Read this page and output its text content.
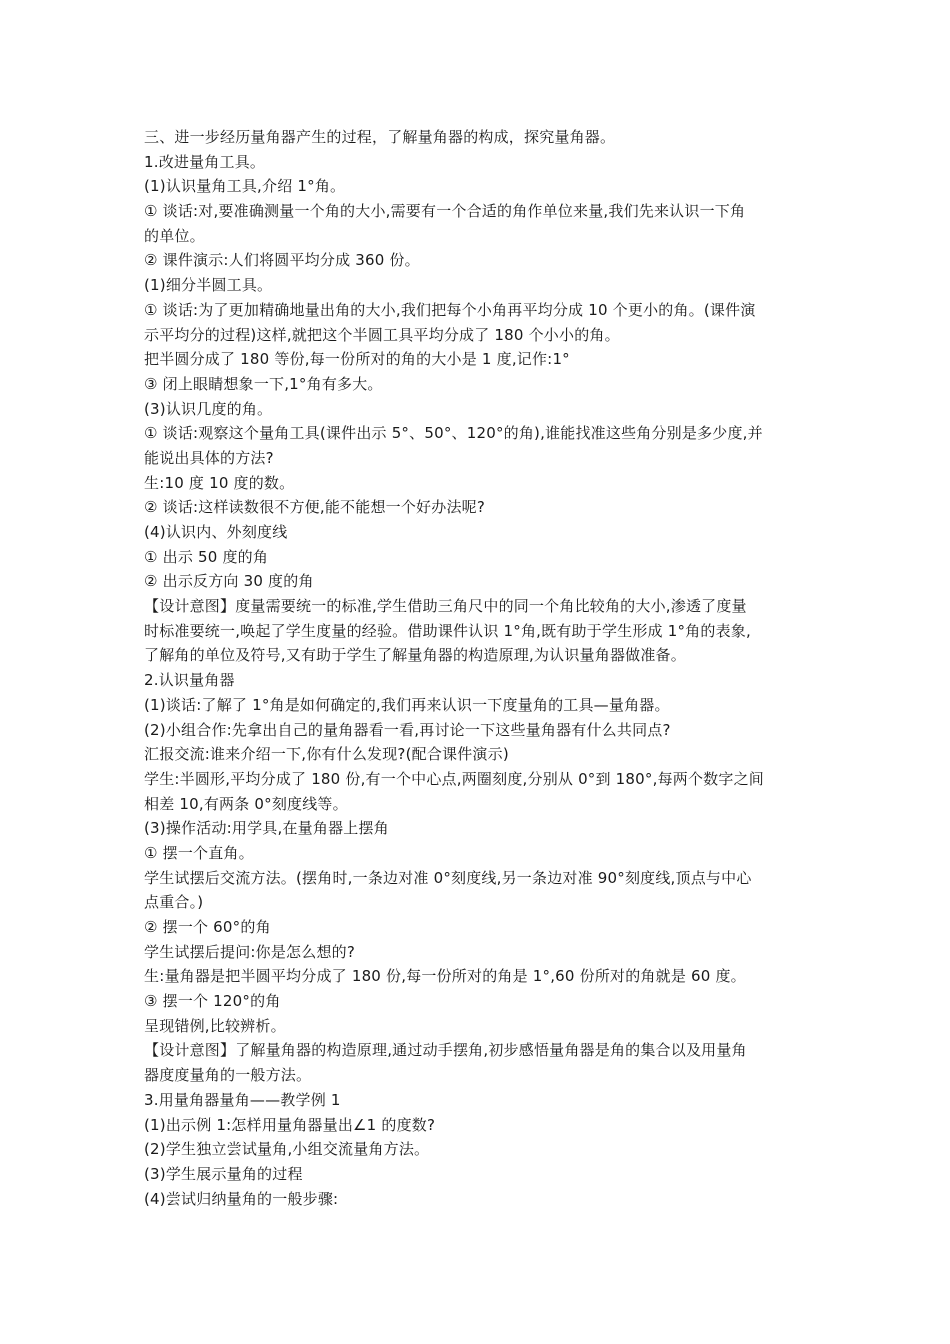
三、进一步经历量角器产生的过程，了解量角器的构成，探究量角器。
1.改进量角工具。
(1)认识量角工具,介绍 1°角。
① 谈话:对,要准确测量一个角的大小,需要有一个合适的角作单位来量,我们先来认识一下角
的单位。
② 课件演示:人们将圆平均分成 360 份。
(1)细分半圆工具。
① 谈话:为了更加精确地量出角的大小,我们把每个小角再平均分成 10 个更小的角。(课件演
示平均分的过程)这样,就把这个半圆工具平均分成了 180 个小小的角。
把半圆分成了 180 等份,每一份所对的角的大小是 1 度,记作:1°
③ 闭上眼睛想象一下,1°角有多大。
(3)认识几度的角。
① 谈话:观察这个量角工具(课件出示 5°、50°、120°的角),谁能找准这些角分别是多少度,并
能说出具体的方法?
生:10 度 10 度的数。
② 谈话:这样读数很不方便,能不能想一个好办法呢?
(4)认识内、外刻度线
① 出示 50 度的角
② 出示反方向 30 度的角
【设计意图】度量需要统一的标准,学生借助三角尺中的同一个角比较角的大小,渗透了度量
时标准要统一,唤起了学生度量的经验。借助课件认识 1°角,既有助于学生形成 1°角的表象,
了解角的单位及符号,又有助于学生了解量角器的构造原理,为认识量角器做准备。
2.认识量角器
(1)谈话:了解了 1°角是如何确定的,我们再来认识一下度量角的工具—量角器。
(2)小组合作:先拿出自己的量角器看一看,再讨论一下这些量角器有什么共同点?
汇报交流:谁来介绍一下,你有什么发现?(配合课件演示)
学生:半圆形,平均分成了 180 份,有一个中心点,两圈刻度,分别从 0°到 180°,每两个数字之间
相差 10,有两条 0°刻度线等。
(3)操作活动:用学具,在量角器上摆角
① 摆一个直角。
学生试摆后交流方法。(摆角时,一条边对准 0°刻度线,另一条边对准 90°刻度线,顶点与中心
点重合。)
② 摆一个 60°的角
学生试摆后提问:你是怎么想的?
生:量角器是把半圆平均分成了 180 份,每一份所对的角是 1°,60 份所对的角就是 60 度。
③ 摆一个 120°的角
呈现错例,比较辨析。
【设计意图】了解量角器的构造原理,通过动手摆角,初步感悟量角器是角的集合以及用量角
器度度量角的一般方法。
3.用量角器量角——教学例 1
(1)出示例 1:怎样用量角器量出∠1 的度数?
(2)学生独立尝试量角,小组交流量角方法。
(3)学生展示量角的过程
(4)尝试归纳量角的一般步骤:
